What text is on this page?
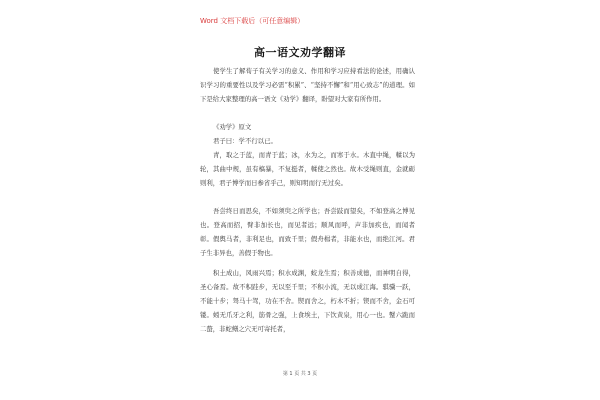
Word 文档下载后（可任意编辑）
高一语文劝学翻译

使学生了解荀子有关学习的意义、作用和学习应持看法的论述，用确认识学习的重要性以及学习必需“积累”、“坚持不懈”和“用心致志”的道理。如下是给大家整理的高一语文《劝学》翻译，盼望对大家有所作用。

《劝学》原文

君子曰：学不行以已。

青，取之于蓝，而青于蓝；冰，水为之，而寒于水。木直中绳，輮以为轮，其曲中规，虽有槁暴，不复挺者，輮使之然也。故木受绳则直，金就砺则利，君子博学而日参省乎己，则知明而行无过矣。

吾尝终日而思矣，不如须臾之所学也；吾尝跂而望矣，不如登高之博见也。登高而招，臂非加长也，而见者远；顺风而呼，声非加疾也，而闻者彰。假舆马者，非利足也，而致千里；假舟楫者，非能水也，而绝江河。君子生非异也，善假于物也。

积土成山，风雨兴焉；积水成渊，蛟龙生焉；积善成德，而神明自得，圣心备焉。故不积跬步，无以至千里；不积小流，无以成江海。骐骥一跃，不能十步；驽马十驾，功在不舍。锲而舍之，朽木不折；锲而不舍，金石可镂。蚓无爪牙之利，筋骨之强，上食埃土，下饮黄泉，用心一也。蟹六跪而二螯，非蛇鳝之穴无可寄托者，

第 1 页 共 3 页
